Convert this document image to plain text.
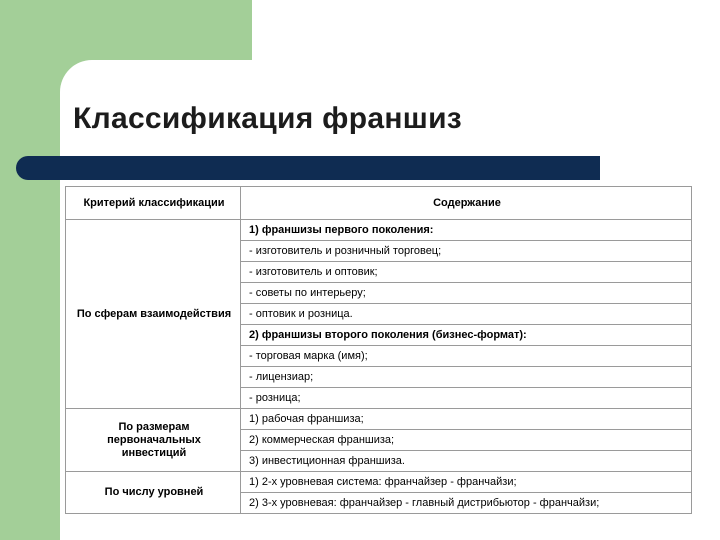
Классификация франшиз
Критерий классификации	Содержание
По сферам взаимодействия	1) франшизы первого поколения:
	- изготовитель и розничный торговец;
	- изготовитель и оптовик;
	- советы по интерьеру;
	- оптовик и розница.
	2) франшизы второго поколения (бизнес-формат):
	- торговая марка (имя);
	- лицензиар;
	- розница;
По размерам первоначальных инвестиций	1) рабочая франшиза;
	2) коммерческая франшиза;
	3) инвестиционная франшиза.
По числу уровней	1) 2-х уровневая система: франчайзер - франчайзи;
	2) 3-х уровневая: франчайзер - главный дистрибьютор - франчайзи;
